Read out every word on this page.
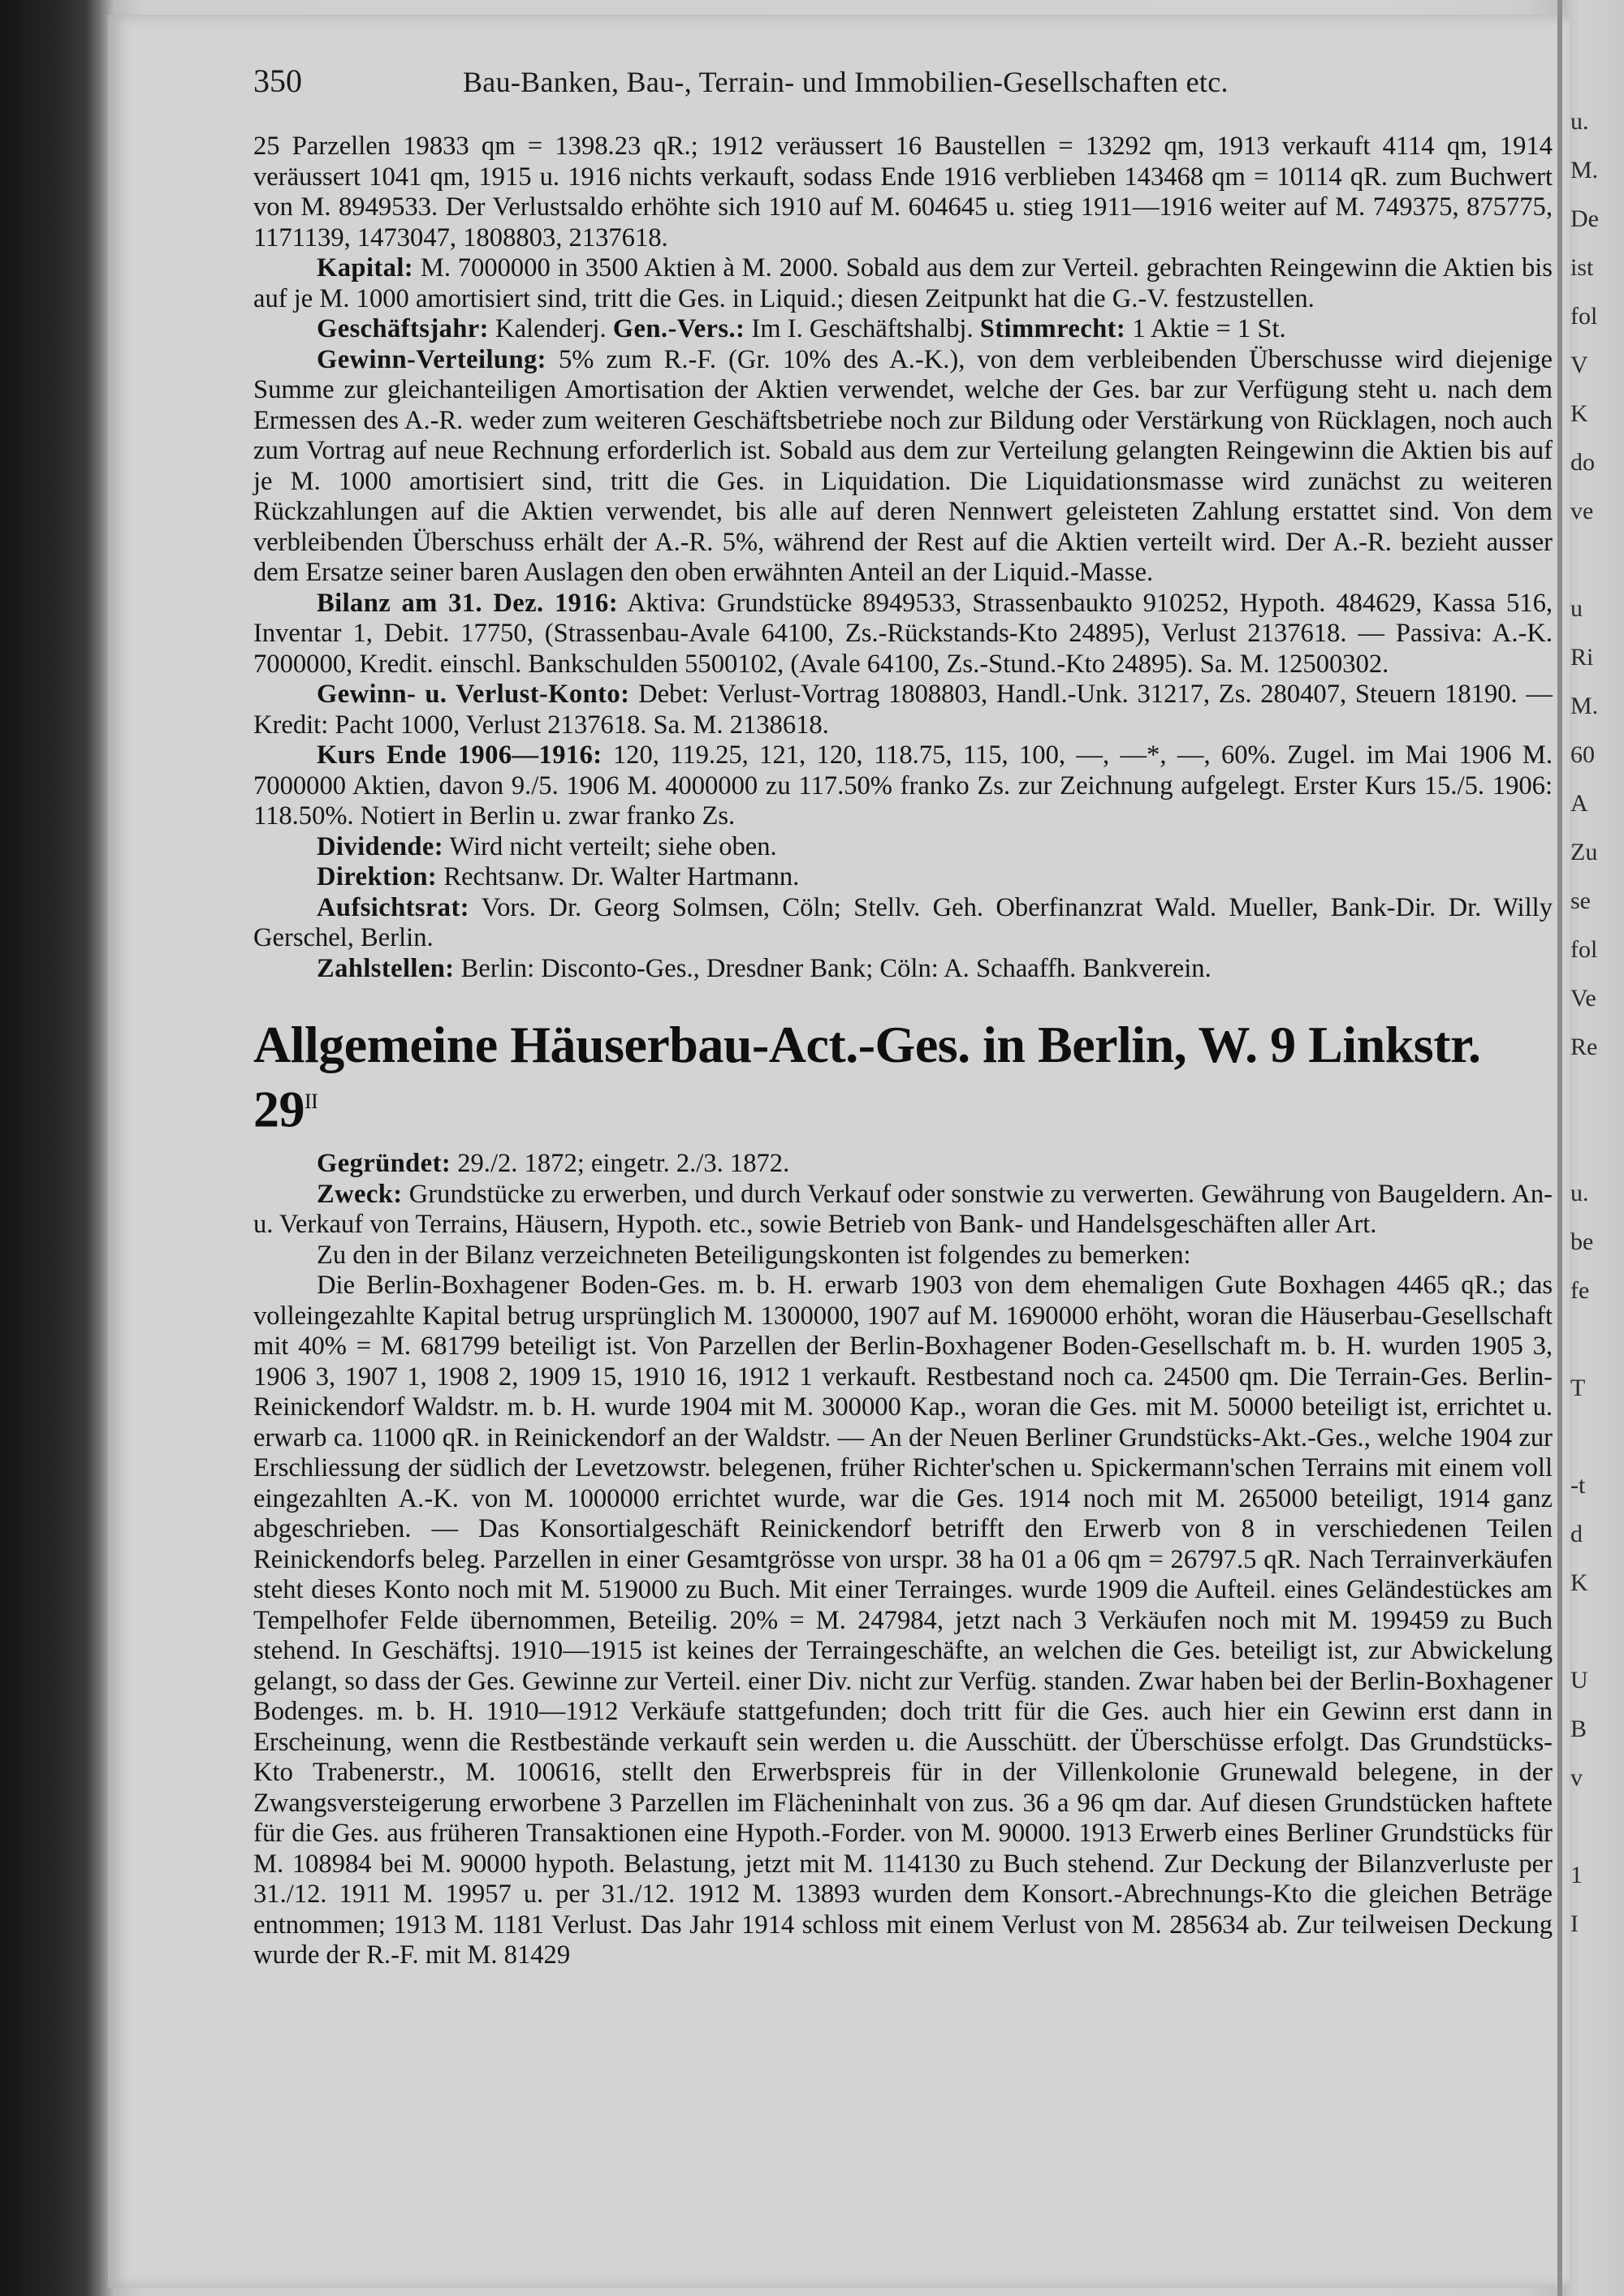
u.
M.
De
ist
fol
V
K
do
ve

u
Ri
M.
60
A
Zu
se
fol
Ve
Re

u.
be
fe

T

-t
d
K

U
B
v

1
I
350	Bau-Banken, Bau-, Terrain- und Immobilien-Gesellschaften etc.

25 Parzellen 19833 qm = 1398.23 qR.; 1912 veräussert 16 Baustellen = 13292 qm, 1913 verkauft 4114 qm, 1914 veräussert 1041 qm, 1915 u. 1916 nichts verkauft, sodass Ende 1916 verblieben 143468 qm = 10114 qR. zum Buchwert von M. 8949533. Der Verlustsaldo erhöhte sich 1910 auf M. 604645 u. stieg 1911—1916 weiter auf M. 749375, 875775, 1171139, 1473047, 1808803, 2137618.

Kapital: M. 7000000 in 3500 Aktien à M. 2000. Sobald aus dem zur Verteil. gebrachten Reingewinn die Aktien bis auf je M. 1000 amortisiert sind, tritt die Ges. in Liquid.; diesen Zeitpunkt hat die G.-V. festzustellen.

Geschäftsjahr: Kalenderj. Gen.-Vers.: Im I. Geschäftshalbj. Stimmrecht: 1 Aktie = 1 St.

Gewinn-Verteilung: 5% zum R.-F. (Gr. 10% des A.-K.), von dem verbleibenden Überschusse wird diejenige Summe zur gleichanteiligen Amortisation der Aktien verwendet, welche der Ges. bar zur Verfügung steht u. nach dem Ermessen des A.-R. weder zum weiteren Geschäftsbetriebe noch zur Bildung oder Verstärkung von Rücklagen, noch auch zum Vortrag auf neue Rechnung erforderlich ist. Sobald aus dem zur Verteilung gelangten Reingewinn die Aktien bis auf je M. 1000 amortisiert sind, tritt die Ges. in Liquidation. Die Liquidationsmasse wird zunächst zu weiteren Rückzahlungen auf die Aktien verwendet, bis alle auf deren Nennwert geleisteten Zahlung erstattet sind. Von dem verbleibenden Überschuss erhält der A.-R. 5%, während der Rest auf die Aktien verteilt wird. Der A.-R. bezieht ausser dem Ersatze seiner baren Auslagen den oben erwähnten Anteil an der Liquid.-Masse.

Bilanz am 31. Dez. 1916: Aktiva: Grundstücke 8949533, Strassenbaukto 910252, Hypoth. 484629, Kassa 516, Inventar 1, Debit. 17750, (Strassenbau-Avale 64100, Zs.-Rückstands-Kto 24895), Verlust 2137618. — Passiva: A.-K. 7000000, Kredit. einschl. Bankschulden 5500102, (Avale 64100, Zs.-Stund.-Kto 24895). Sa. M. 12500302.

Gewinn- u. Verlust-Konto: Debet: Verlust-Vortrag 1808803, Handl.-Unk. 31217, Zs. 280407, Steuern 18190. — Kredit: Pacht 1000, Verlust 2137618. Sa. M. 2138618.

Kurs Ende 1906—1916: 120, 119.25, 121, 120, 118.75, 115, 100, —, —*, —, 60%. Zugel. im Mai 1906 M. 7000000 Aktien, davon 9./5. 1906 M. 4000000 zu 117.50% franko Zs. zur Zeichnung aufgelegt. Erster Kurs 15./5. 1906: 118.50%. Notiert in Berlin u. zwar franko Zs.

Dividende: Wird nicht verteilt; siehe oben.

Direktion: Rechtsanw. Dr. Walter Hartmann.

Aufsichtsrat: Vors. Dr. Georg Solmsen, Cöln; Stellv. Geh. Oberfinanzrat Wald. Mueller, Bank-Dir. Dr. Willy Gerschel, Berlin.

Zahlstellen: Berlin: Disconto-Ges., Dresdner Bank; Cöln: A. Schaaffh. Bankverein.

Allgemeine Häuserbau-Act.-Ges. in Berlin, W. 9 Linkstr. $29^{II}$

Gegründet: 29./2. 1872; eingetr. 2./3. 1872.

Zweck: Grundstücke zu erwerben, und durch Verkauf oder sonstwie zu verwerten. Gewährung von Baugeldern. An- u. Verkauf von Terrains, Häusern, Hypoth. etc., sowie Betrieb von Bank- und Handelsgeschäften aller Art.

Zu den in der Bilanz verzeichneten Beteiligungskonten ist folgendes zu bemerken:

Die Berlin-Boxhagener Boden-Ges. m. b. H. erwarb 1903 von dem ehemaligen Gute Boxhagen 4465 qR.; das volleingezahlte Kapital betrug ursprünglich M. 1300000, 1907 auf M. 1690000 erhöht, woran die Häuserbau-Gesellschaft mit 40% = M. 681799 beteiligt ist. Von Parzellen der Berlin-Boxhagener Boden-Gesellschaft m. b. H. wurden 1905 3, 1906 3, 1907 1, 1908 2, 1909 15, 1910 16, 1912 1 verkauft. Restbestand noch ca. 24500 qm. Die Terrain-Ges. Berlin-Reinickendorf Waldstr. m. b. H. wurde 1904 mit M. 300000 Kap., woran die Ges. mit M. 50000 beteiligt ist, errichtet u. erwarb ca. 11000 qR. in Reinickendorf an der Waldstr. — An der Neuen Berliner Grundstücks-Akt.-Ges., welche 1904 zur Erschliessung der südlich der Levetzowstr. belegenen, früher Richter'schen u. Spickermann'schen Terrains mit einem voll eingezahlten A.-K. von M. 1000000 errichtet wurde, war die Ges. 1914 noch mit M. 265000 beteiligt, 1914 ganz abgeschrieben. — Das Konsortialgeschäft Reinickendorf betrifft den Erwerb von 8 in verschiedenen Teilen Reinickendorfs beleg. Parzellen in einer Gesamtgrösse von urspr. 38 ha 01 a 06 qm = 26797.5 qR. Nach Terrainverkäufen steht dieses Konto noch mit M. 519000 zu Buch. Mit einer Terrainges. wurde 1909 die Aufteil. eines Geländestückes am Tempelhofer Felde übernommen, Beteilig. 20% = M. 247984, jetzt nach 3 Verkäufen noch mit M. 199459 zu Buch stehend. In Geschäftsj. 1910—1915 ist keines der Terraingeschäfte, an welchen die Ges. beteiligt ist, zur Abwickelung gelangt, so dass der Ges. Gewinne zur Verteil. einer Div. nicht zur Verfüg. standen. Zwar haben bei der Berlin-Boxhagener Bodenges. m. b. H. 1910—1912 Verkäufe stattgefunden; doch tritt für die Ges. auch hier ein Gewinn erst dann in Erscheinung, wenn die Restbestände verkauft sein werden u. die Ausschütt. der Überschüsse erfolgt. Das Grundstücks-Kto Trabenerstr., M. 100616, stellt den Erwerbspreis für in der Villenkolonie Grunewald belegene, in der Zwangsversteigerung erworbene 3 Parzellen im Flächeninhalt von zus. 36 a 96 qm dar. Auf diesen Grundstücken haftete für die Ges. aus früheren Transaktionen eine Hypoth.-Forder. von M. 90000. 1913 Erwerb eines Berliner Grundstücks für M. 108984 bei M. 90000 hypoth. Belastung, jetzt mit M. 114130 zu Buch stehend. Zur Deckung der Bilanzverluste per 31./12. 1911 M. 19957 u. per 31./12. 1912 M. 13893 wurden dem Konsort.-Abrechnungs-Kto die gleichen Beträge entnommen; 1913 M. 1181 Verlust. Das Jahr 1914 schloss mit einem Verlust von M. 285634 ab. Zur teilweisen Deckung wurde der R.-F. mit M. 81429
